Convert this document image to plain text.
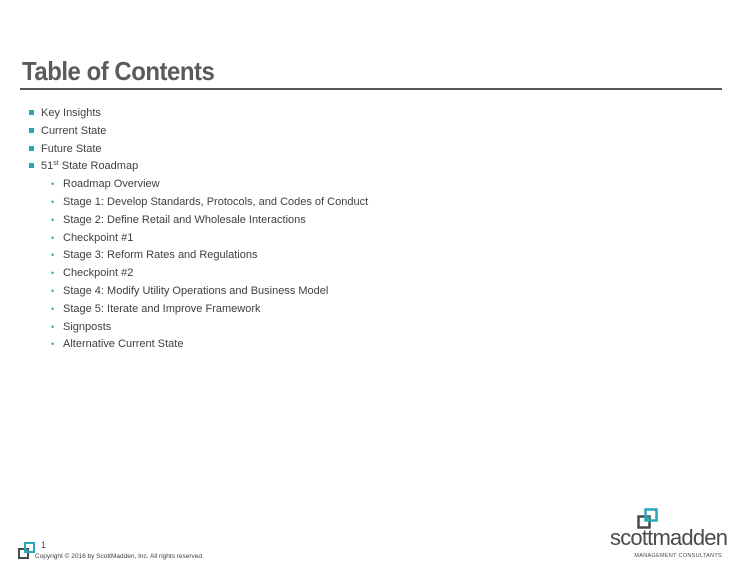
Table of Contents
Key Insights
Current State
Future State
51st State Roadmap
• Roadmap Overview
• Stage 1: Develop Standards, Protocols, and Codes of Conduct
• Stage 2: Define Retail and Wholesale Interactions
• Checkpoint #1
• Stage 3: Reform Rates and Regulations
• Checkpoint #2
• Stage 4: Modify Utility Operations and Business Model
• Stage 5: Iterate and Improve Framework
• Signposts
• Alternative Current State
1
Copyright © 2016 by ScottMadden, Inc. All rights reserved.
scottmadden
MANAGEMENT CONSULTANTS
